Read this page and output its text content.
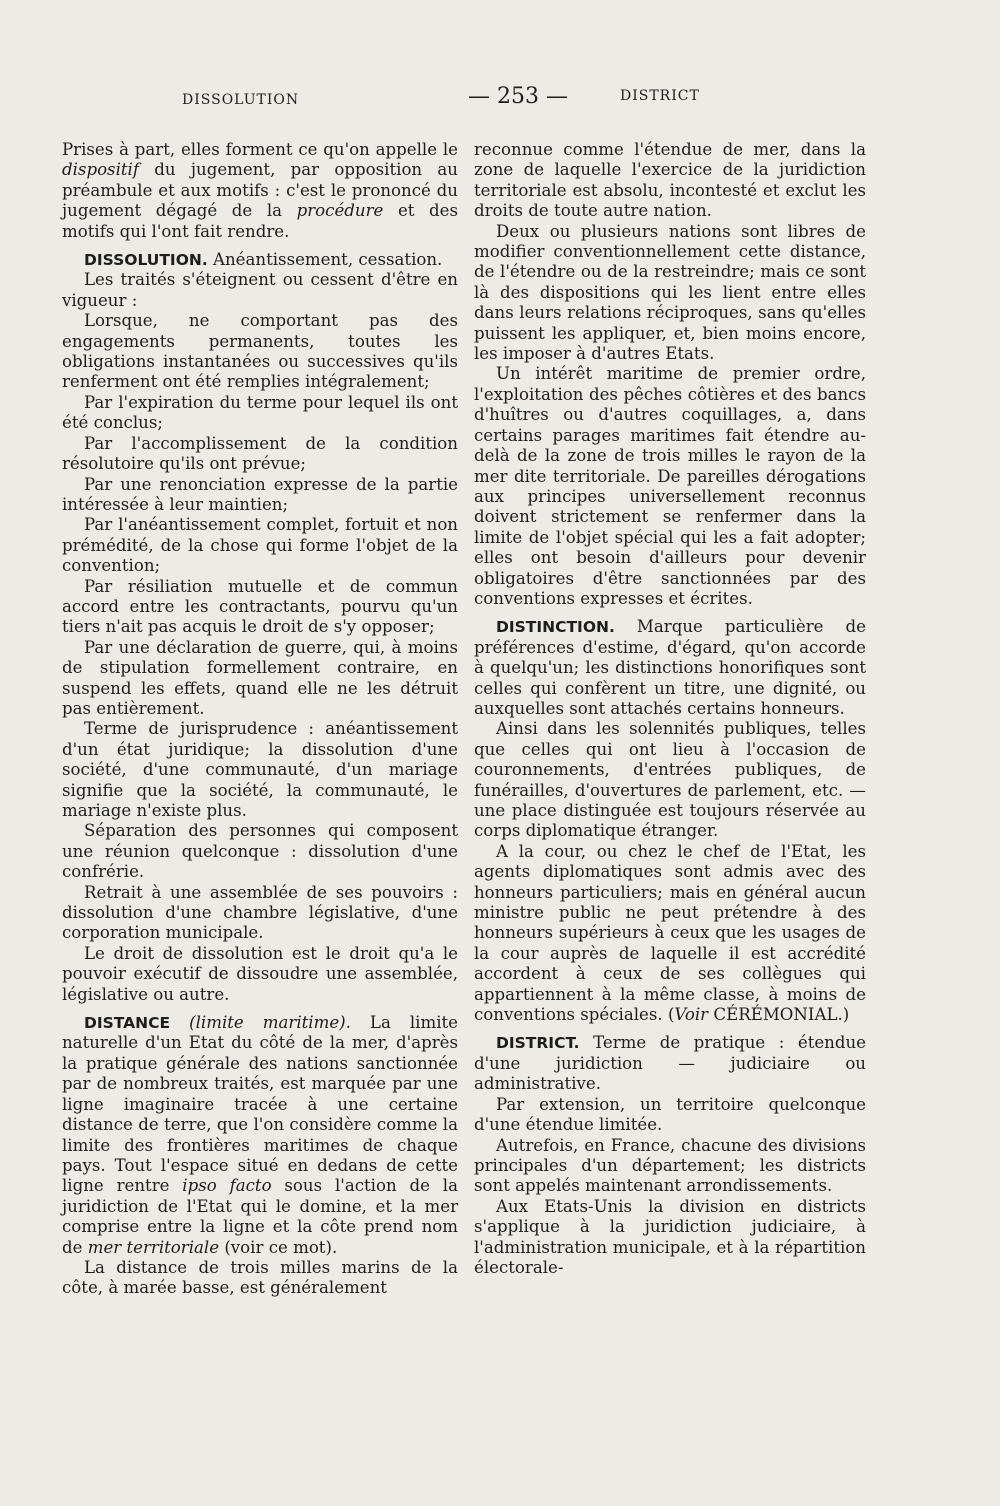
DISSOLUTION	— 253 —	DISTRICT

Prises à part, elles forment ce qu'on appelle le dispositif du jugement, par opposition au préambule et aux motifs : c'est le prononcé du jugement dégagé de la procédure et des motifs qui l'ont fait rendre.

DISSOLUTION. Anéantissement, cessation.

Les traités s'éteignent ou cessent d'être en vigueur :

Lorsque, ne comportant pas des engagements permanents, toutes les obligations instantanées ou successives qu'ils renferment ont été remplies intégralement;

Par l'expiration du terme pour lequel ils ont été conclus;

Par l'accomplissement de la condition résolutoire qu'ils ont prévue;

Par une renonciation expresse de la partie intéressée à leur maintien;

Par l'anéantissement complet, fortuit et non prémédité, de la chose qui forme l'objet de la convention;

Par résiliation mutuelle et de commun accord entre les contractants, pourvu qu'un tiers n'ait pas acquis le droit de s'y opposer;

Par une déclaration de guerre, qui, à moins de stipulation formellement contraire, en suspend les effets, quand elle ne les détruit pas entièrement.

Terme de jurisprudence : anéantissement d'un état juridique; la dissolution d'une société, d'une communauté, d'un mariage signifie que la société, la communauté, le mariage n'existe plus.

Séparation des personnes qui composent une réunion quelconque : dissolution d'une confrérie.

Retrait à une assemblée de ses pouvoirs : dissolution d'une chambre législative, d'une corporation municipale.

Le droit de dissolution est le droit qu'a le pouvoir exécutif de dissoudre une assemblée, législative ou autre.

DISTANCE (limite maritime). La limite naturelle d'un Etat du côté de la mer, d'après la pratique générale des nations sanctionnée par de nombreux traités, est marquée par une ligne imaginaire tracée à une certaine distance de terre, que l'on considère comme la limite des frontières maritimes de chaque pays. Tout l'espace situé en dedans de cette ligne rentre ipso facto sous l'action de la juridiction de l'Etat qui le domine, et la mer comprise entre la ligne et la côte prend nom de mer territoriale (voir ce mot).

La distance de trois milles marins de la côte, à marée basse, est généralement

reconnue comme l'étendue de mer, dans la zone de laquelle l'exercice de la juridiction territoriale est absolu, incontesté et exclut les droits de toute autre nation.

Deux ou plusieurs nations sont libres de modifier conventionnellement cette distance, de l'étendre ou de la restreindre; mais ce sont là des dispositions qui les lient entre elles dans leurs relations réciproques, sans qu'elles puissent les appliquer, et, bien moins encore, les imposer à d'autres Etats.

Un intérêt maritime de premier ordre, l'exploitation des pêches côtières et des bancs d'huîtres ou d'autres coquillages, a, dans certains parages maritimes fait étendre au-delà de la zone de trois milles le rayon de la mer dite territoriale. De pareilles dérogations aux principes universellement reconnus doivent strictement se renfermer dans la limite de l'objet spécial qui les a fait adopter; elles ont besoin d'ailleurs pour devenir obligatoires d'être sanctionnées par des conventions expresses et écrites.

DISTINCTION. Marque particulière de préférences d'estime, d'égard, qu'on accorde à quelqu'un; les distinctions honorifiques sont celles qui confèrent un titre, une dignité, ou auxquelles sont attachés certains honneurs.

Ainsi dans les solennités publiques, telles que celles qui ont lieu à l'occasion de couronnements, d'entrées publiques, de funérailles, d'ouvertures de parlement, etc. — une place distinguée est toujours réservée au corps diplomatique étranger.

A la cour, ou chez le chef de l'Etat, les agents diplomatiques sont admis avec des honneurs particuliers; mais en général aucun ministre public ne peut prétendre à des honneurs supérieurs à ceux que les usages de la cour auprès de laquelle il est accrédité accordent à ceux de ses collègues qui appartiennent à la même classe, à moins de conventions spéciales. (Voir CÉRÉMONIAL.)

DISTRICT. Terme de pratique : étendue d'une juridiction — judiciaire ou administrative.

Par extension, un territoire quelconque d'une étendue limitée.

Autrefois, en France, chacune des divisions principales d'un département; les districts sont appelés maintenant arrondissements.

Aux Etats-Unis la division en districts s'applique à la juridiction judiciaire, à l'administration municipale, et à la répartition électorale-
